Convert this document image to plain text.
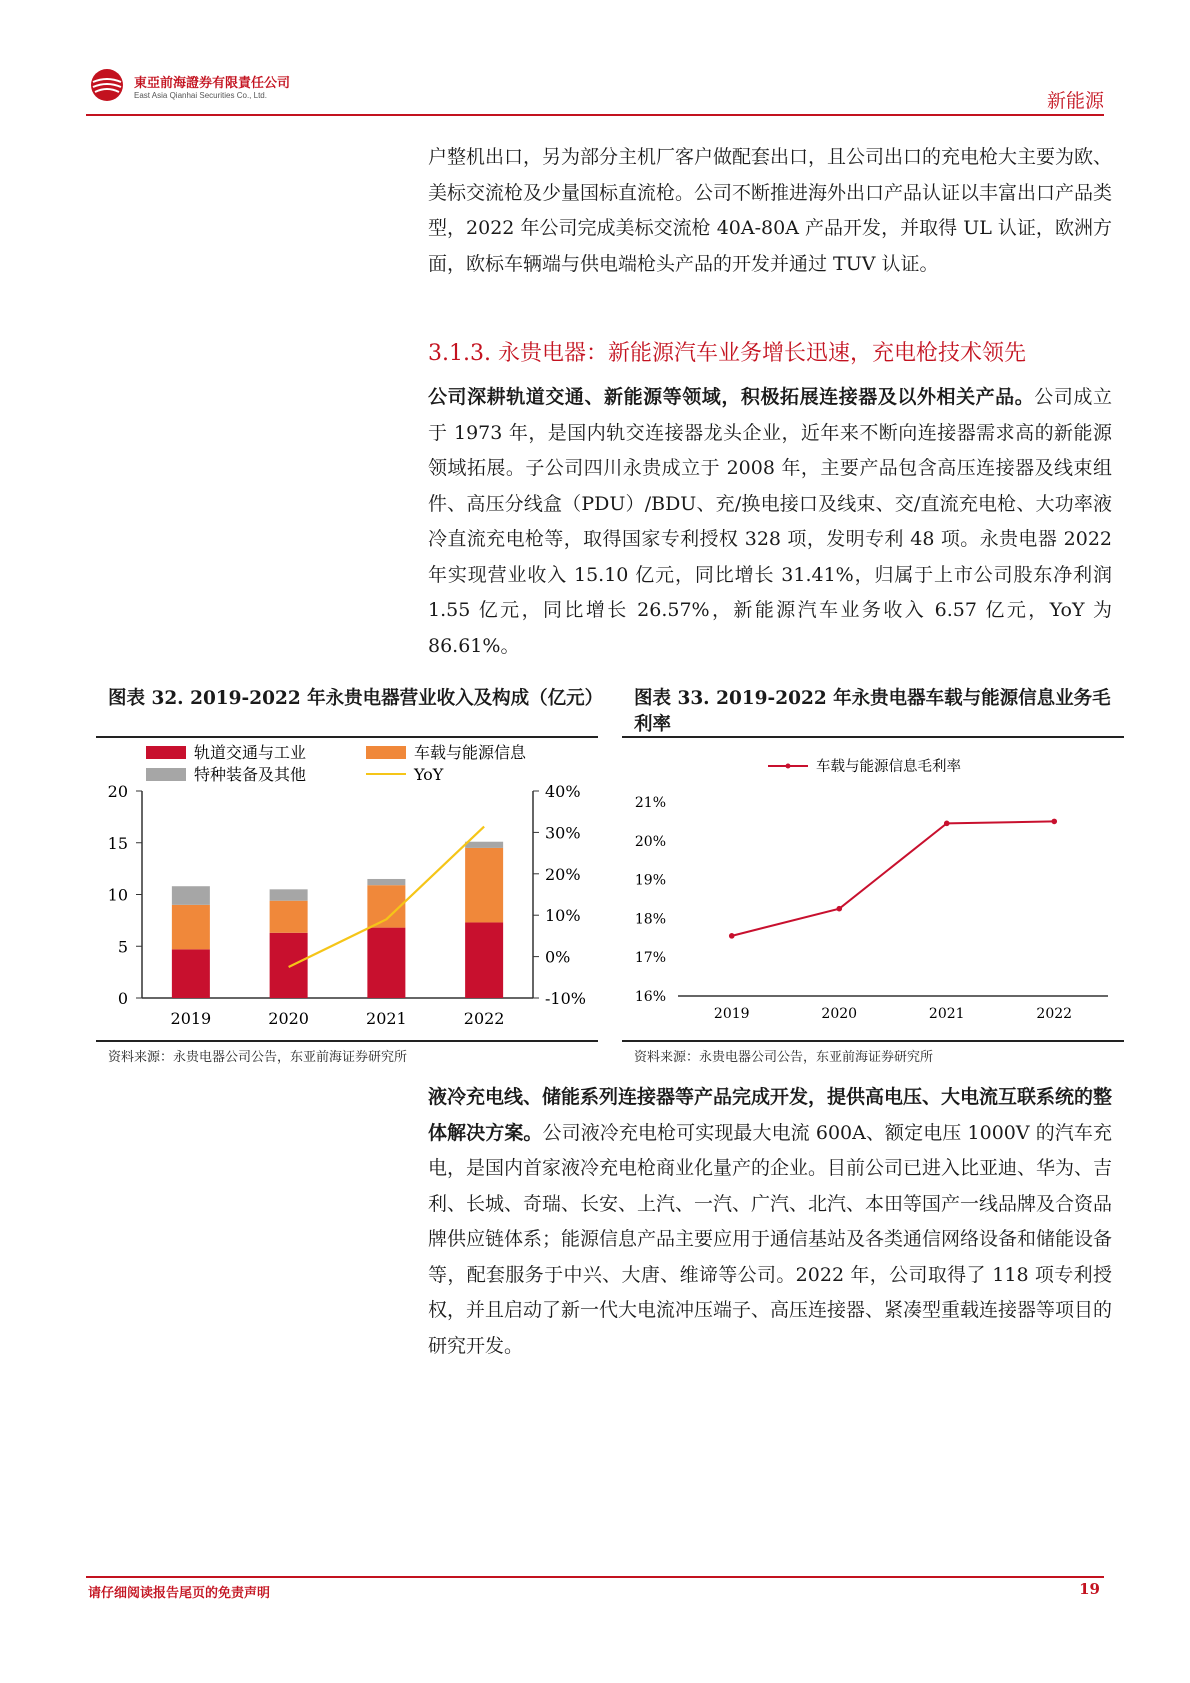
東亞前海證券有限責任公司
East Asia Qianhai Securities Co., Ltd.	新能源

户整机出口，另为部分主机厂客户做配套出口，且公司出口的充电枪大主要为欧、美标交流枪及少量国标直流枪。公司不断推进海外出口产品认证以丰富出口产品类型，2022 年公司完成美标交流枪 40A-80A 产品开发，并取得 UL 认证，欧洲方面，欧标车辆端与供电端枪头产品的开发并通过 TUV 认证。

3.1.3. 永贵电器：新能源汽车业务增长迅速，充电枪技术领先

公司深耕轨道交通、新能源等领域，积极拓展连接器及以外相关产品。公司成立于 1973 年，是国内轨交连接器龙头企业，近年来不断向连接器需求高的新能源领域拓展。子公司四川永贵成立于 2008 年，主要产品包含高压连接器及线束组件、高压分线盒（PDU）/BDU、充/换电接口及线束、交/直流充电枪、大功率液冷直流充电枪等，取得国家专利授权 328 项，发明专利 48 项。永贵电器 2022 年实现营业收入 15.10 亿元，同比增长 31.41%，归属于上市公司股东净利润 1.55 亿元，同比增长 26.57%，新能源汽车业务收入 6.57 亿元，YoY 为 86.61%。

图表 32. 2019-2022 年永贵电器营业收入及构成（亿元）
轨道交通与工业	车载与能源信息
特种装备及其他	YoY
0
5
10
15
20
-10%
0%
10%
20%
30%
40%
2019	2020	2021	2022
资料来源：永贵电器公司公告，东亚前海证券研究所
图表 33. 2019-2022 年永贵电器车载与能源信息业务毛利率
车载与能源信息毛利率
16%
17%
18%
19%
20%
21%
2019	2020	2021	2022
资料来源：永贵电器公司公告，东亚前海证券研究所

液冷充电线、储能系列连接器等产品完成开发，提供高电压、大电流互联系统的整体解决方案。公司液冷充电枪可实现最大电流 600A、额定电压 1000V 的汽车充电，是国内首家液冷充电枪商业化量产的企业。目前公司已进入比亚迪、华为、吉利、长城、奇瑞、长安、上汽、一汽、广汽、北汽、本田等国产一线品牌及合资品牌供应链体系；能源信息产品主要应用于通信基站及各类通信网络设备和储能设备等，配套服务于中兴、大唐、维谛等公司。2022 年，公司取得了 118 项专利授权，并且启动了新一代大电流冲压端子、高压连接器、紧凑型重载连接器等项目的研究开发。

请仔细阅读报告尾页的免责声明	19
